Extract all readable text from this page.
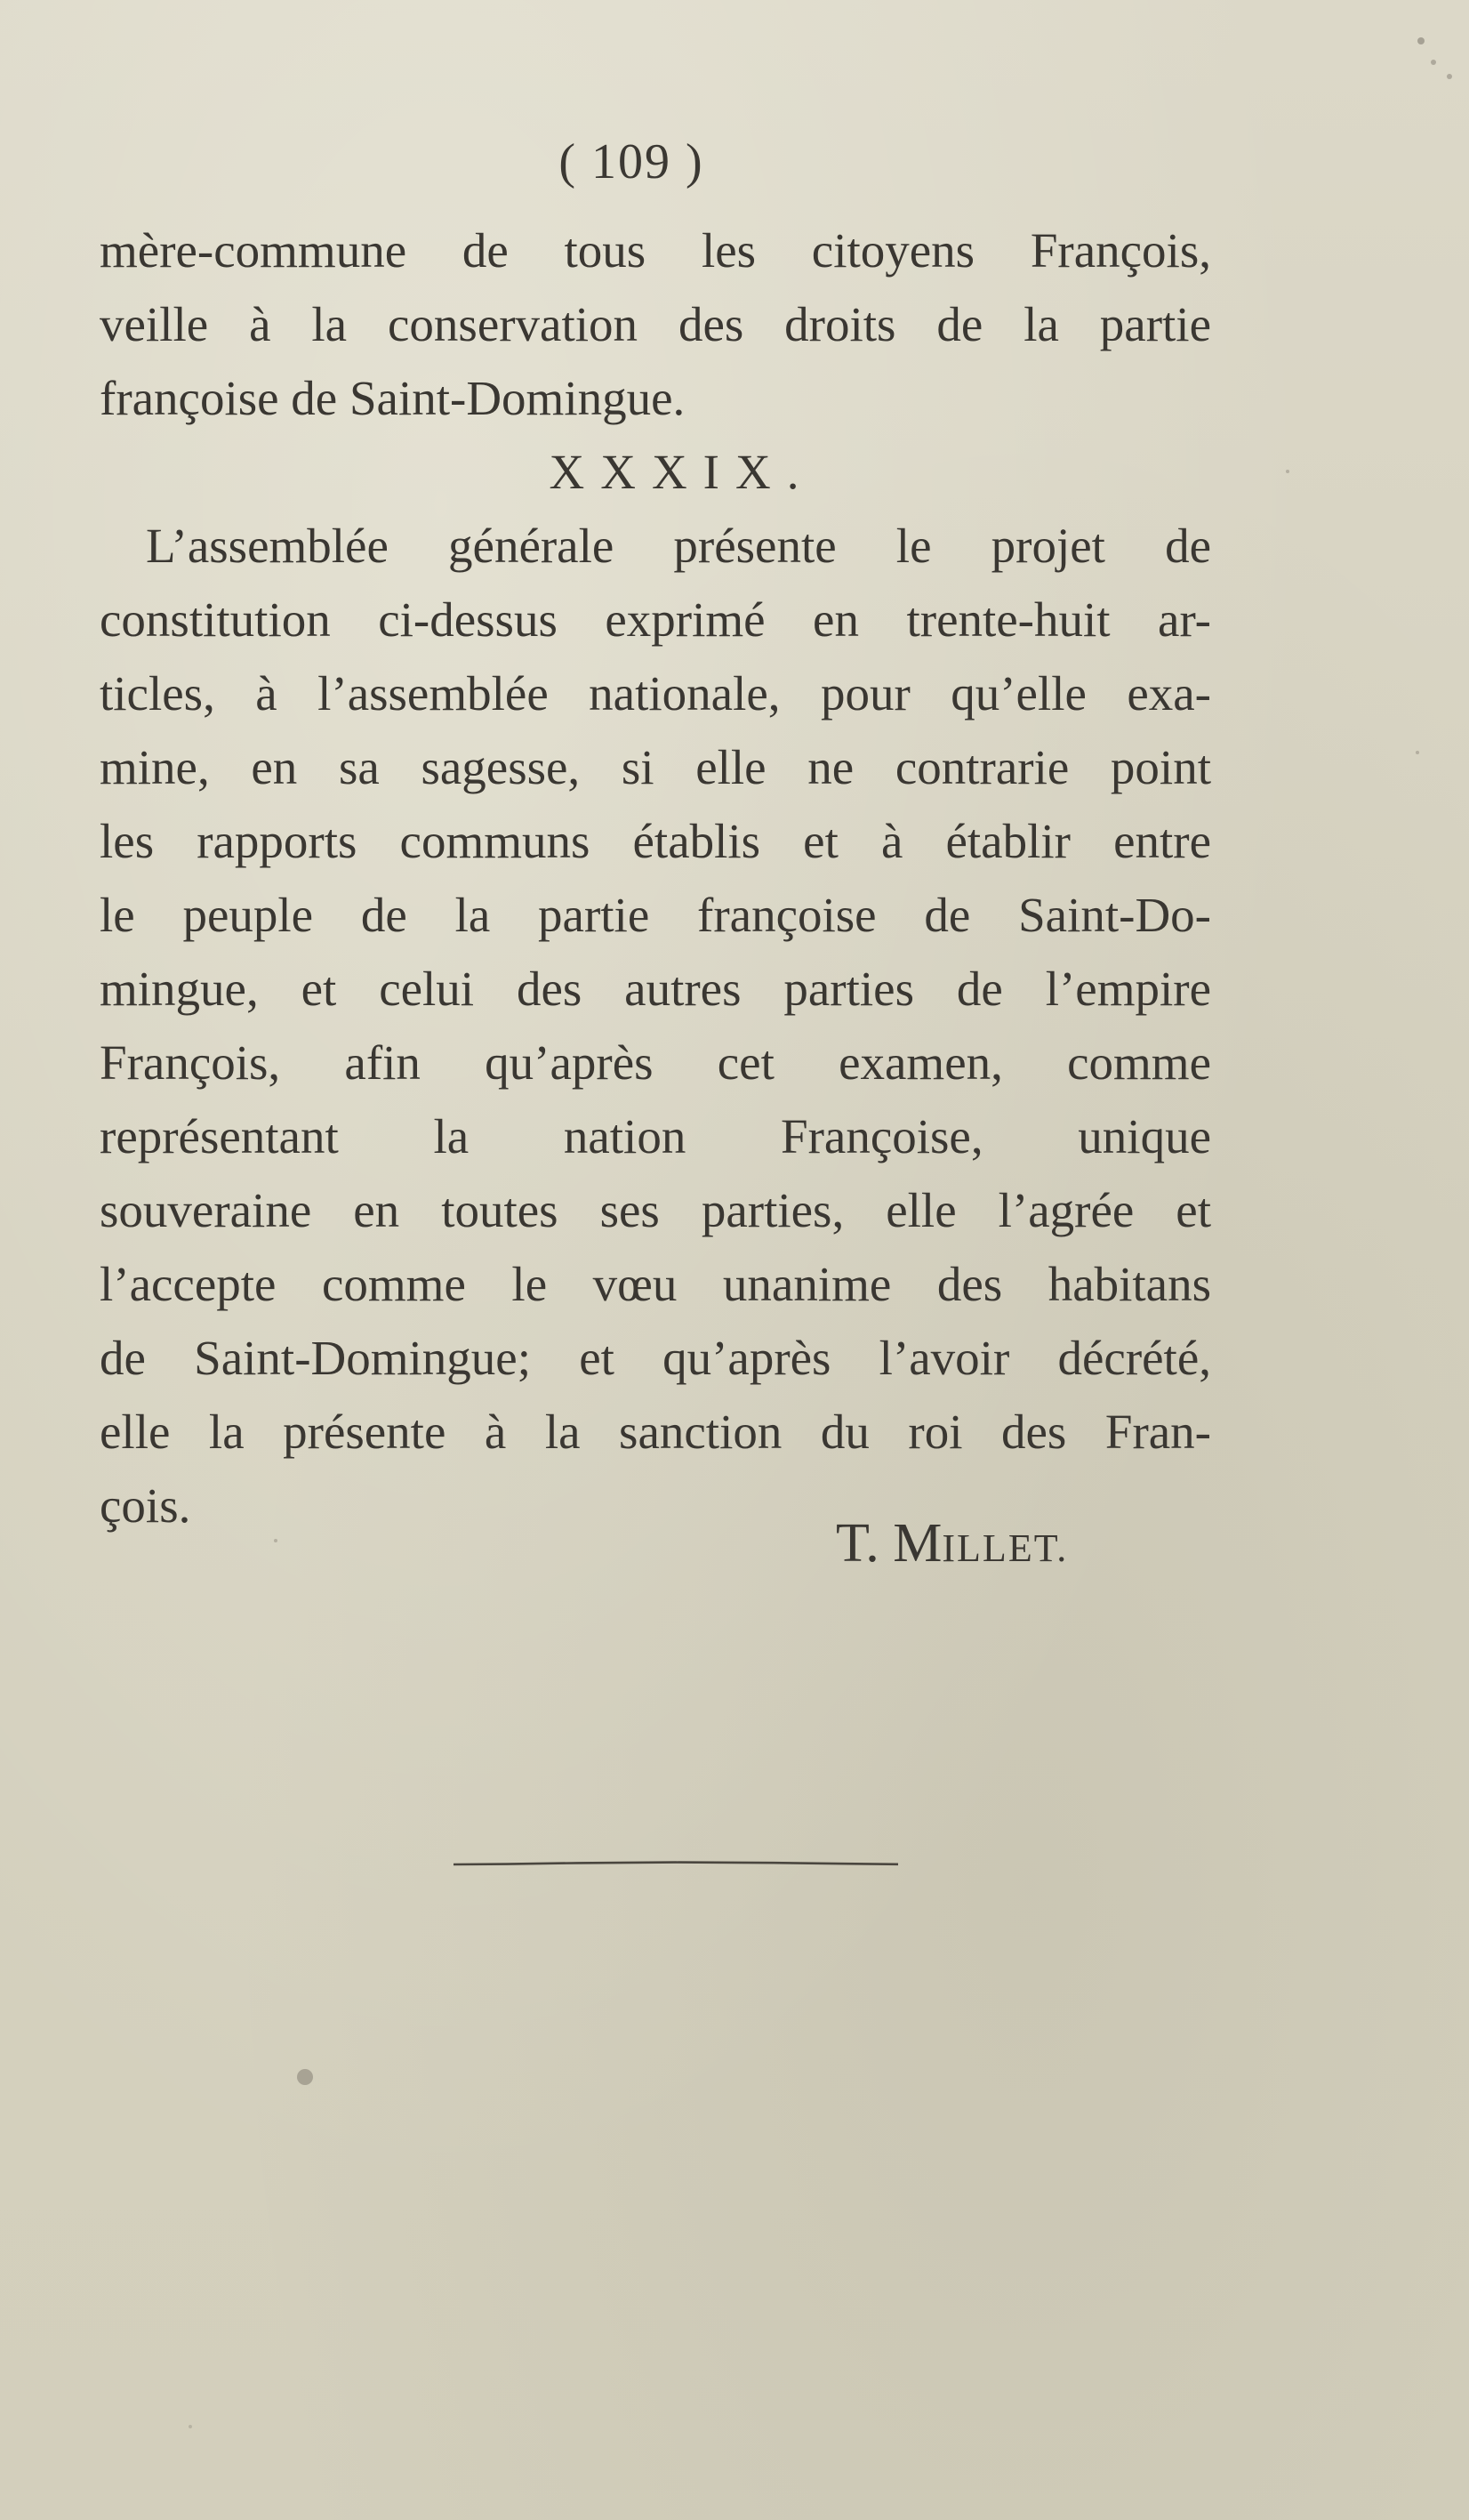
( 109 )
mère-commune de tous les citoyens François,
veille à la conservation des droits de la partie
françoise de Saint-Domingue.
XXXIX.
L’assemblée générale présente le projet de
constitution ci-dessus exprimé en trente-huit ar-
ticles, à l’assemblée nationale, pour qu’elle exa-
mine, en sa sagesse, si elle ne contrarie point
les rapports communs établis et à établir entre
le peuple de la partie françoise de Saint-Do-
mingue, et celui des autres parties de l’empire
François, afin qu’après cet examen, comme
représentant la nation Françoise, unique
souveraine en toutes ses parties, elle l’agrée et
l’accepte comme le vœu unanime des habitans
de Saint-Domingue; et qu’après l’avoir décrété,
elle la présente à la sanction du roi des Fran-
çois.
T. MILLET.
